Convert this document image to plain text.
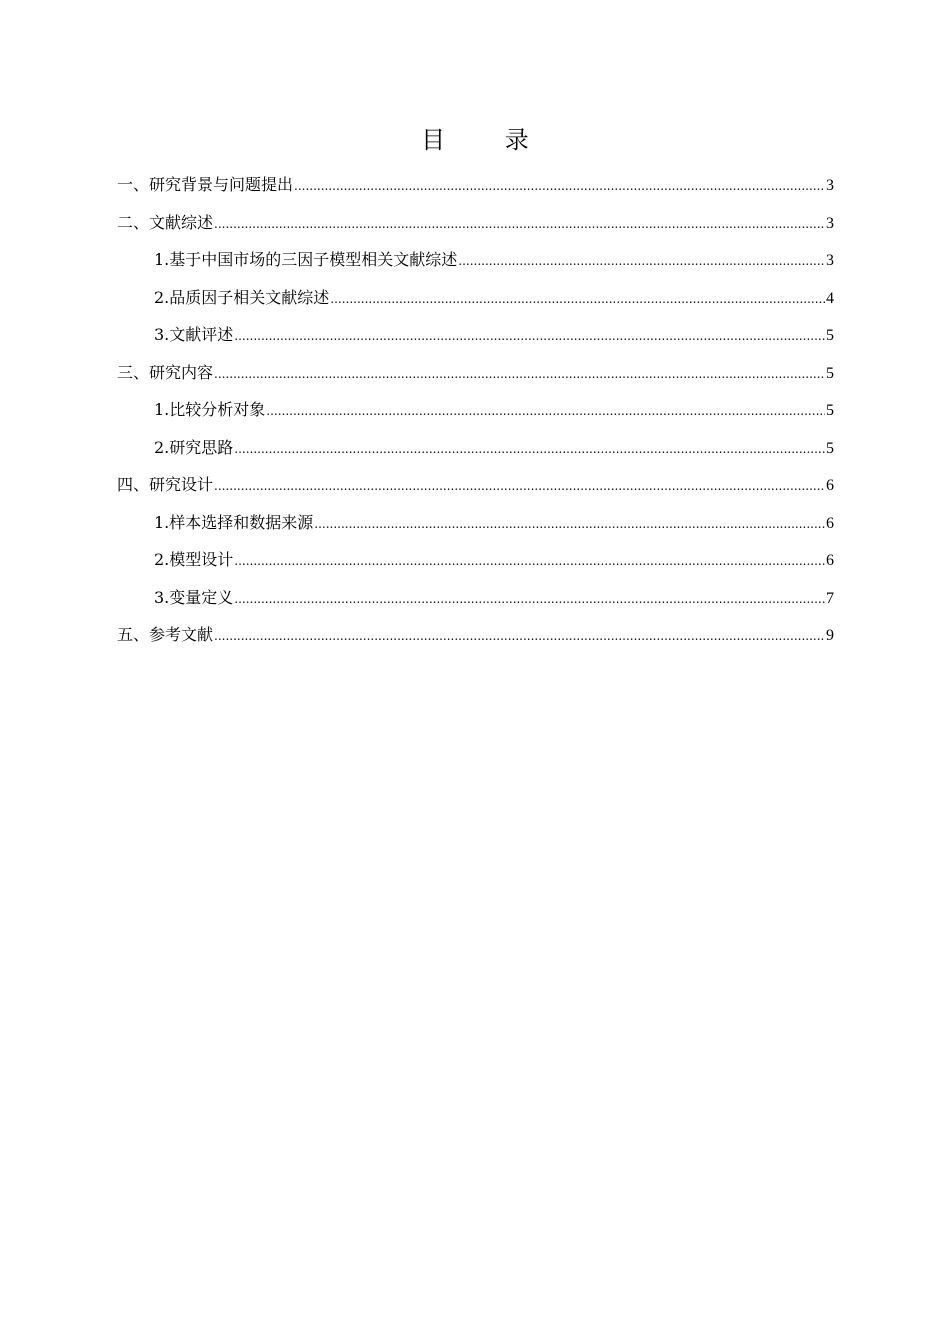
目 录
一、研究背景与问题提出 .....	3
二、文献综述 .....	3
1.基于中国市场的三因子模型相关文献综述 .....	3
2.品质因子相关文献综述 .....	4
3.文献评述 .....	5
三、研究内容 .....	5
1.比较分析对象 .....	5
2.研究思路 .....	5
四、研究设计 .....	6
1.样本选择和数据来源 .....	6
2.模型设计 .....	6
3.变量定义 .....	7
五、参考文献 .....	9
